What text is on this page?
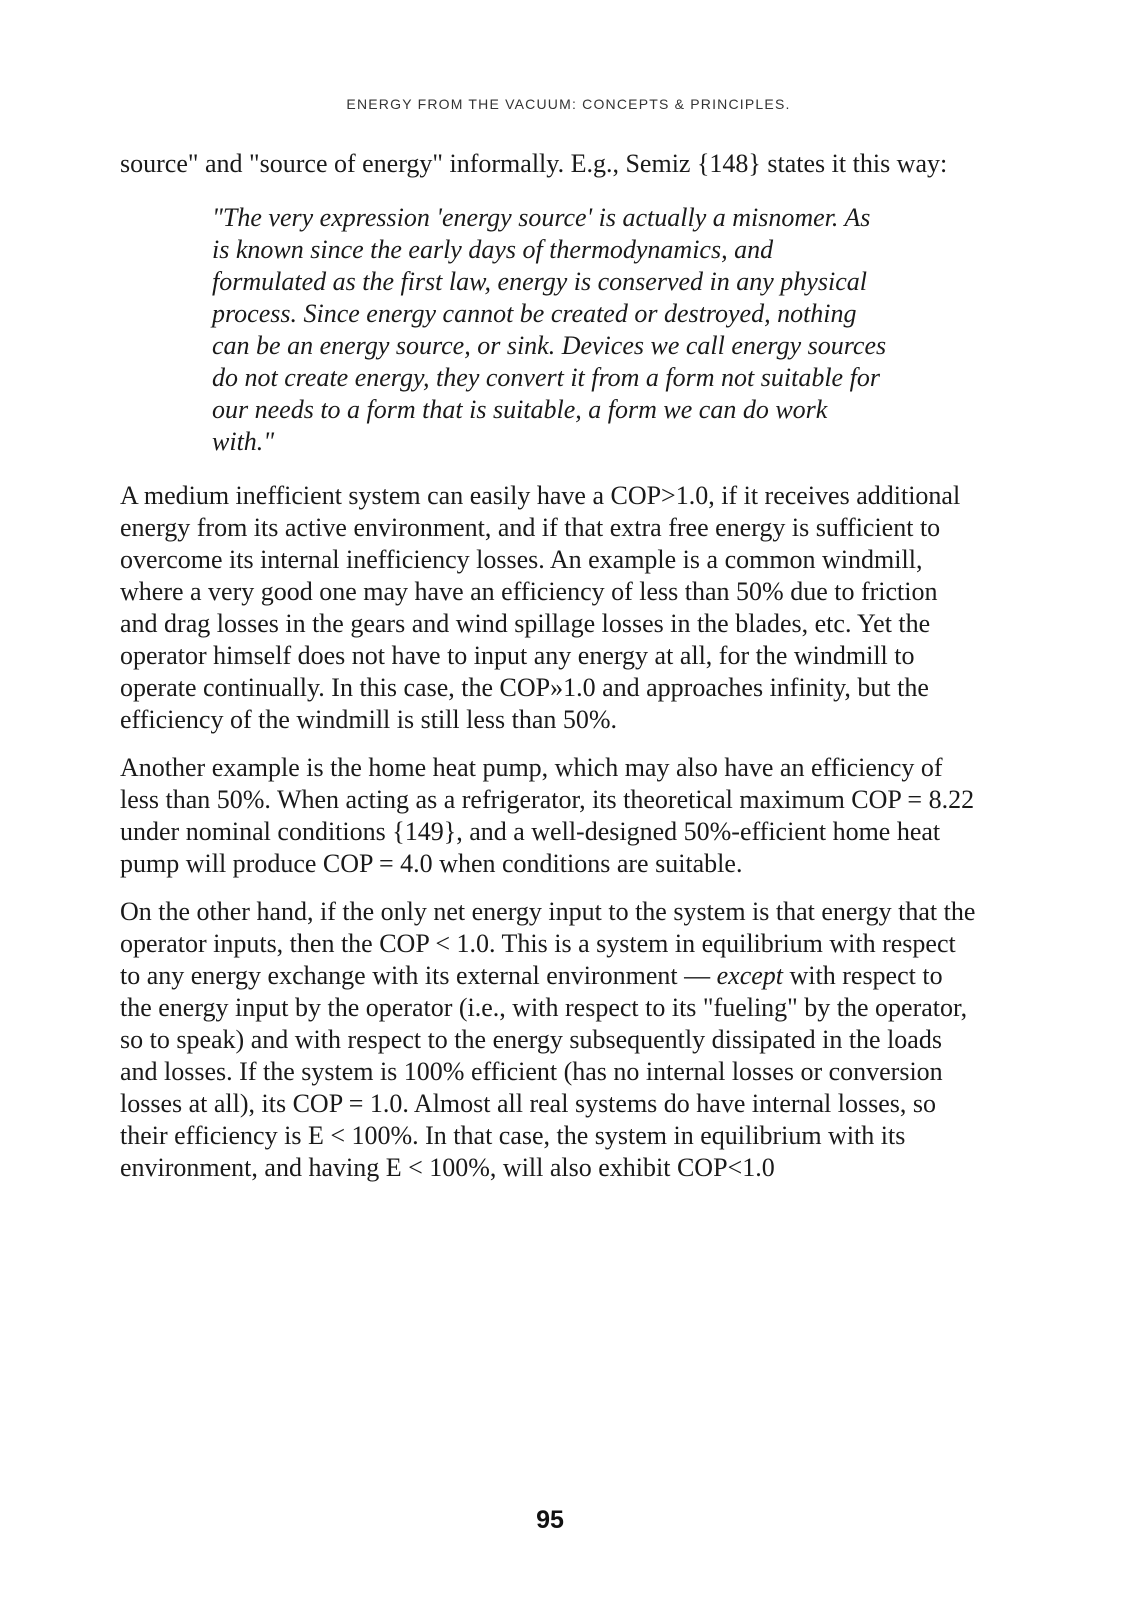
ENERGY FROM THE VACUUM: CONCEPTS & PRINCIPLES.

source" and "source of energy" informally. E.g., Semiz {148} states it this way:

"The very expression 'energy source' is actually a misnomer. As is known since the early days of thermodynamics, and formulated as the first law, energy is conserved in any physical process. Since energy cannot be created or destroyed, nothing can be an energy source, or sink. Devices we call energy sources do not create energy, they convert it from a form not suitable for our needs to a form that is suitable, a form we can do work with."

A medium inefficient system can easily have a COP>1.0, if it receives additional energy from its active environment, and if that extra free energy is sufficient to overcome its internal inefficiency losses. An example is a common windmill, where a very good one may have an efficiency of less than 50% due to friction and drag losses in the gears and wind spillage losses in the blades, etc. Yet the operator himself does not have to input any energy at all, for the windmill to operate continually. In this case, the COP»1.0 and approaches infinity, but the efficiency of the windmill is still less than 50%.

Another example is the home heat pump, which may also have an efficiency of less than 50%. When acting as a refrigerator, its theoretical maximum COP = 8.22 under nominal conditions {149}, and a well-designed 50%-efficient home heat pump will produce COP = 4.0 when conditions are suitable.

On the other hand, if the only net energy input to the system is that energy that the operator inputs, then the COP < 1.0. This is a system in equilibrium with respect to any energy exchange with its external environment — except with respect to the energy input by the operator (i.e., with respect to its "fueling" by the operator, so to speak) and with respect to the energy subsequently dissipated in the loads and losses. If the system is 100% efficient (has no internal losses or conversion losses at all), its COP = 1.0. Almost all real systems do have internal losses, so their efficiency is E < 100%. In that case, the system in equilibrium with its environment, and having E < 100%, will also exhibit COP<1.0

95
